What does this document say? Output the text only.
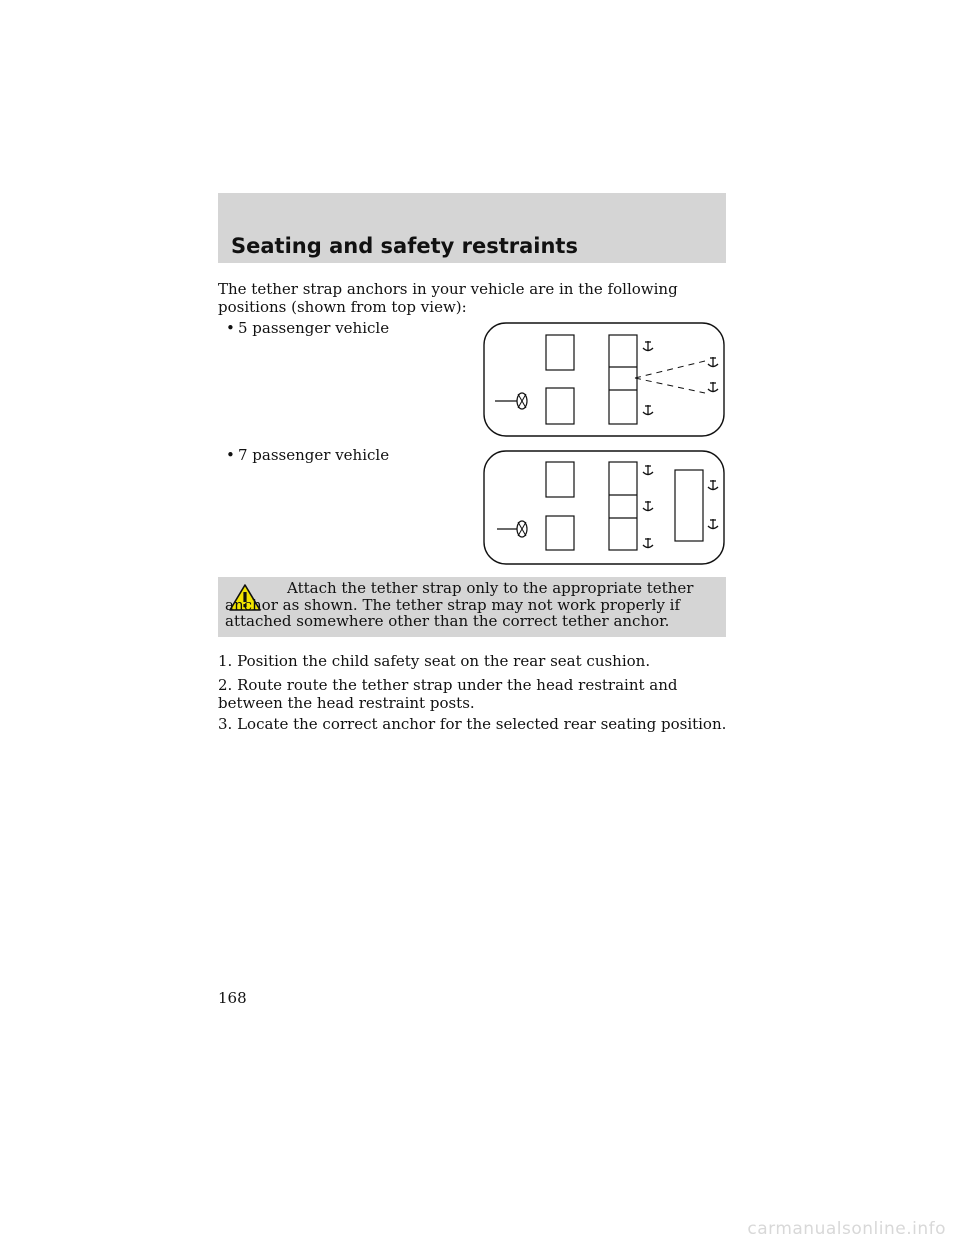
Seating and safety restraints
The tether strap anchors in your vehicle are in the following positions (shown from top view):
• 5 passenger vehicle
• 7 passenger vehicle
Attach the tether strap only to the appropriate tether anchor as shown. The tether strap may not work properly if attached somewhere other than the correct tether anchor.
1. Position the child safety seat on the rear seat cushion.
2. Route route the tether strap under the head restraint and between the head restraint posts.
3. Locate the correct anchor for the selected rear seating position.
168
carmanualsonline.info
